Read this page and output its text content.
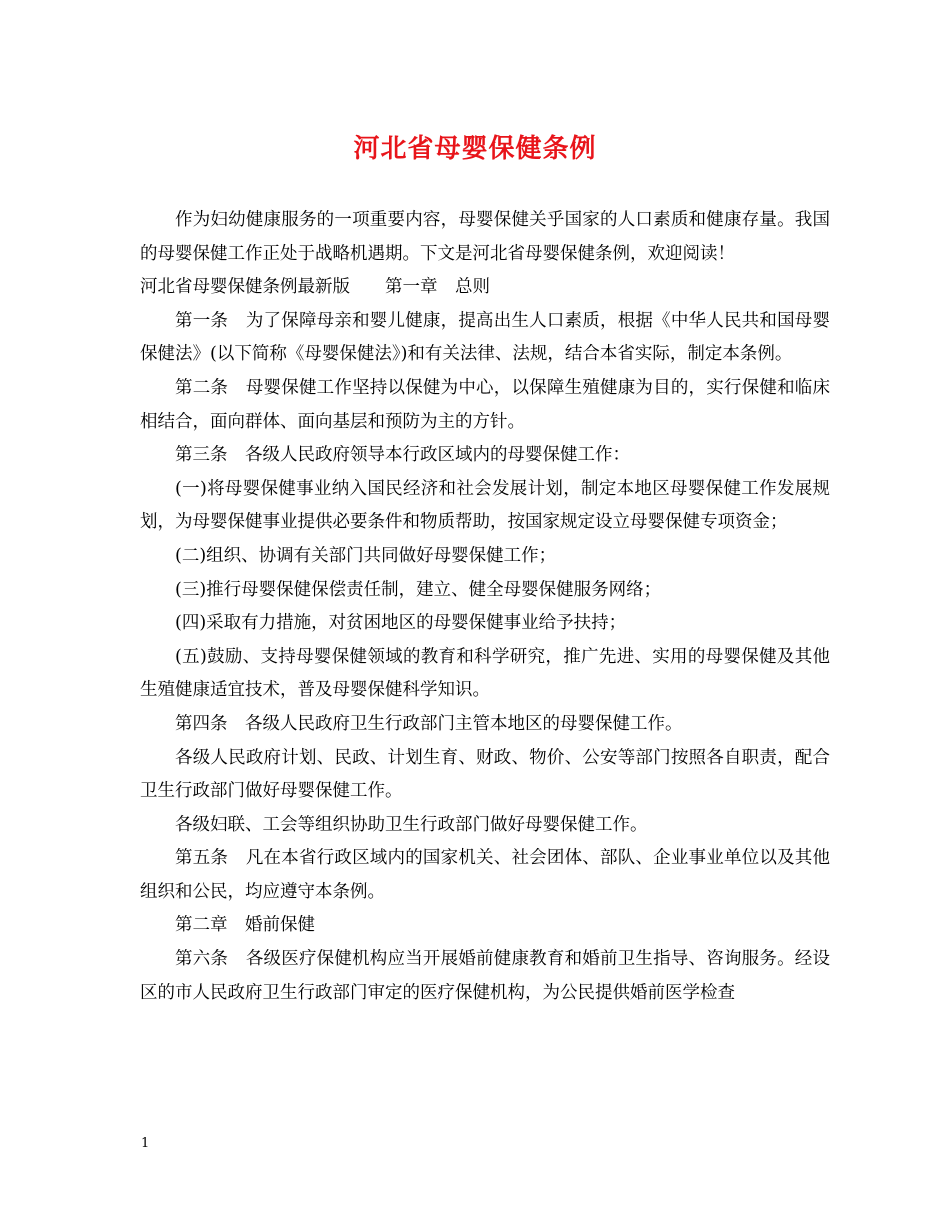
河北省母婴保健条例

作为妇幼健康服务的一项重要内容，母婴保健关乎国家的人口素质和健康存量。我国的母婴保健工作正处于战略机遇期。下文是河北省母婴保健条例，欢迎阅读！

河北省母婴保健条例最新版　　第一章　总则

第一条　为了保障母亲和婴儿健康，提高出生人口素质，根据《中华人民共和国母婴保健法》(以下简称《母婴保健法》)和有关法律、法规，结合本省实际，制定本条例。

第二条　母婴保健工作坚持以保健为中心，以保障生殖健康为目的，实行保健和临床相结合，面向群体、面向基层和预防为主的方针。

第三条　各级人民政府领导本行政区域内的母婴保健工作：

(一)将母婴保健事业纳入国民经济和社会发展计划，制定本地区母婴保健工作发展规划，为母婴保健事业提供必要条件和物质帮助，按国家规定设立母婴保健专项资金；

(二)组织、协调有关部门共同做好母婴保健工作；

(三)推行母婴保健保偿责任制，建立、健全母婴保健服务网络；

(四)采取有力措施，对贫困地区的母婴保健事业给予扶持；

(五)鼓励、支持母婴保健领域的教育和科学研究，推广先进、实用的母婴保健及其他生殖健康适宜技术，普及母婴保健科学知识。

第四条　各级人民政府卫生行政部门主管本地区的母婴保健工作。

各级人民政府计划、民政、计划生育、财政、物价、公安等部门按照各自职责，配合卫生行政部门做好母婴保健工作。

各级妇联、工会等组织协助卫生行政部门做好母婴保健工作。

第五条　凡在本省行政区域内的国家机关、社会团体、部队、企业事业单位以及其他组织和公民，均应遵守本条例。

第二章　婚前保健

第六条　各级医疗保健机构应当开展婚前健康教育和婚前卫生指导、咨询服务。经设区的市人民政府卫生行政部门审定的医疗保健机构，为公民提供婚前医学检查

1
